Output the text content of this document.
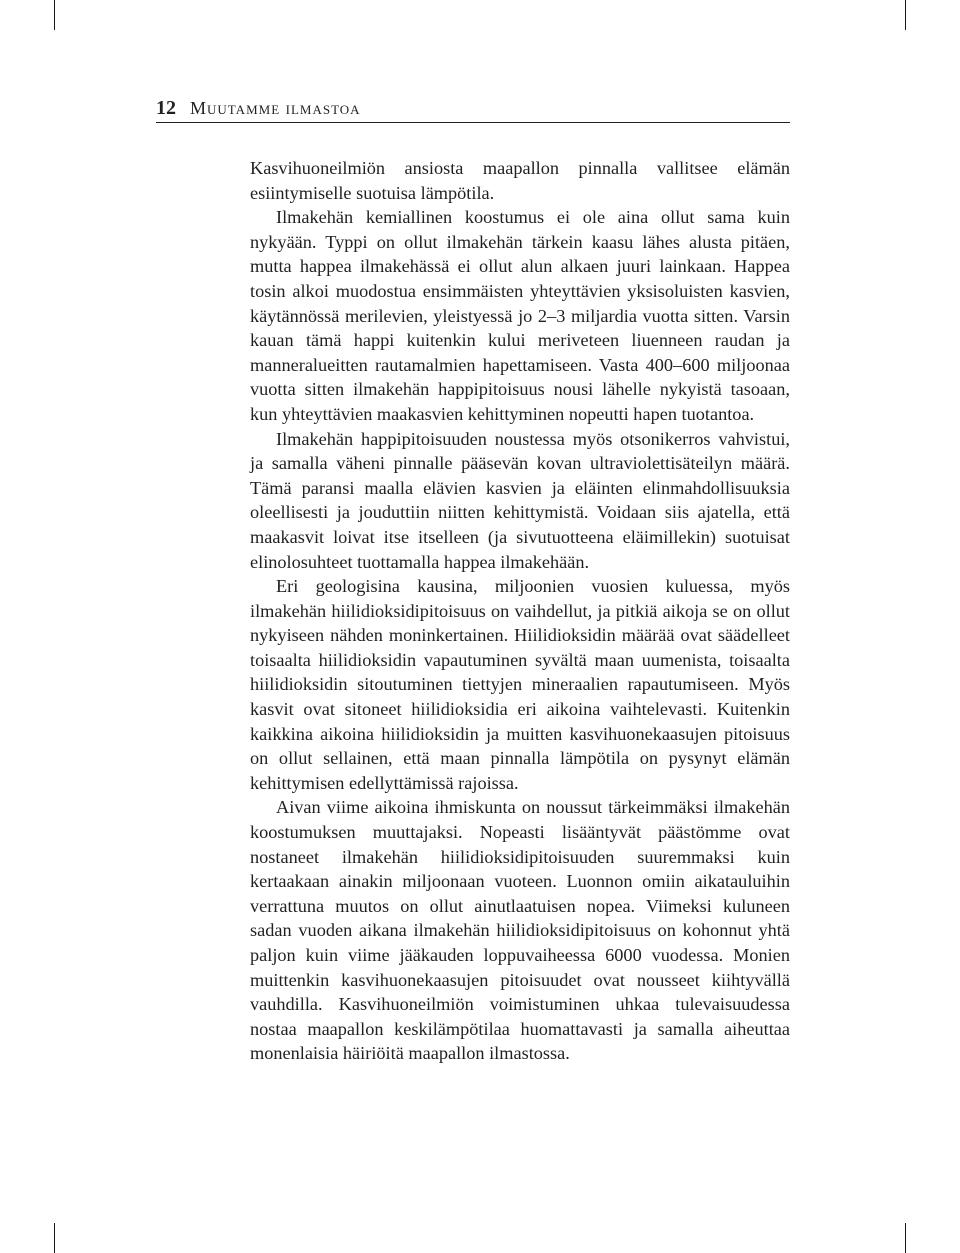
12 Muutamme ilmastoa

Kasvihuoneilmiön ansiosta maapallon pinnalla vallitsee elämän esiintymiselle suotuisa lämpötila.

Ilmakehän kemiallinen koostumus ei ole aina ollut sama kuin nykyään. Typpi on ollut ilmakehän tärkein kaasu lähes alusta pitäen, mutta happea ilmakehässä ei ollut alun alkaen juuri lainkaan. Happea tosin alkoi muodostua ensimmäisten yhteyttävien yksisoluisten kasvien, käytännössä merilevien, yleistyessä jo 2–3 miljardia vuotta sitten. Varsin kauan tämä happi kuitenkin kului meriveteen liuenneen raudan ja manneralueitten rautamalmien hapettamiseen. Vasta 400–600 miljoonaa vuotta sitten ilmakehän happipitoisuus nousi lähelle nykyistä tasoaan, kun yhteyttävien maakasvien kehittyminen nopeutti hapen tuotantoa.

Ilmakehän happipitoisuuden noustessa myös otsonikerros vahvistui, ja samalla väheni pinnalle pääsevän kovan ultraviolettisäteilyn määrä. Tämä paransi maalla elävien kasvien ja eläinten elinmahdollisuuksia oleellisesti ja jouduttiin niitten kehittymistä. Voidaan siis ajatella, että maakasvit loivat itse itselleen (ja sivutuotteena eläimillekin) suotuisat elinolosuhteet tuottamalla happea ilmakehään.

Eri geologisina kausina, miljoonien vuosien kuluessa, myös ilmakehän hiilidioksidipitoisuus on vaihdellut, ja pitkiä aikoja se on ollut nykyiseen nähden moninkertainen. Hiilidioksidin määrää ovat säädelleet toisaalta hiilidioksidin vapautuminen syvältä maan uumenista, toisaalta hiilidioksidin sitoutuminen tiettyjen mineraalien rapautumiseen. Myös kasvit ovat sitoneet hiilidioksidia eri aikoina vaihtelevasti. Kuitenkin kaikkina aikoina hiilidioksidin ja muitten kasvihuonekaasujen pitoisuus on ollut sellainen, että maan pinnalla lämpötila on pysynyt elämän kehittymisen edellyttämissä rajoissa.

Aivan viime aikoina ihmiskunta on noussut tärkeimmäksi ilmakehän koostumuksen muuttajaksi. Nopeasti lisääntyvät päästömme ovat nostaneet ilmakehän hiilidioksidipitoisuuden suuremmaksi kuin kertaakaan ainakin miljoonaan vuoteen. Luonnon omiin aikatauluihin verrattuna muutos on ollut ainutlaatuisen nopea. Viimeksi kuluneen sadan vuoden aikana ilmakehän hiilidioksidipitoisuus on kohonnut yhtä paljon kuin viime jääkauden loppuvaiheessa 6000 vuodessa. Monien muittenkin kasvihuonekaasujen pitoisuudet ovat nousseet kiihtyvällä vauhdilla. Kasvihuoneilmiön voimistuminen uhkaa tulevaisuudessa nostaa maapallon keskilämpötilaa huomattavasti ja samalla aiheuttaa monenlaisia häiriöitä maapallon ilmastossa.
